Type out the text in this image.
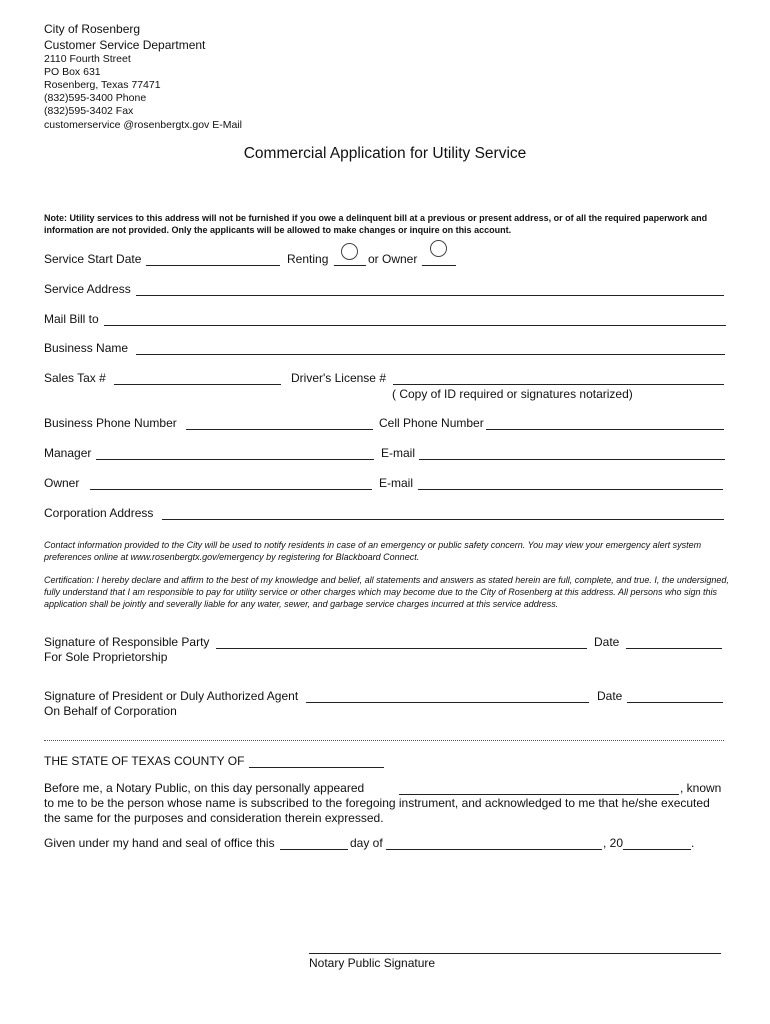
City of Rosenberg
Customer Service Department
2110 Fourth Street
PO Box 631
Rosenberg, Texas 77471
(832)595-3400 Phone
(832)595-3402 Fax
customerservice @rosenbergtx.gov E-Mail
Commercial Application for Utility Service
Note: Utility services to this address will not be furnished if you owe a delinquent bill at a previous or present address, or of all the required paperwork and information are not provided. Only the applicants will be allowed to make changes or inquire on this account.
Service Start Date	Renting	or Owner
Service Address
Mail Bill to
Business Name
Sales Tax #	Driver's License #
( Copy of ID required or signatures notarized)
Business Phone Number	Cell Phone Number
Manager	E-mail
Owner	E-mail
Corporation Address
Contact information provided to the City will be used to notify residents in case of an emergency or public safety concern. You may view your emergency alert system preferences online at www.rosenbergtx.gov/emergency by registering for Blackboard Connect.
Certification: I hereby declare and affirm to the best of my knowledge and belief, all statements and answers as stated herein are full, complete, and true. I, the undersigned, fully understand that I am responsible to pay for utility service or other charges which may become due to the City of Rosenberg at this address. All persons who sign this application shall be jointly and severally liable for any water, sewer, and garbage service charges incurred at this service address.
Signature of Responsible Party	Date
For Sole Proprietorship
Signature of President or Duly Authorized Agent	Date
On Behalf of Corporation
THE STATE OF TEXAS COUNTY OF
Before me, a Notary Public, on this day personally appeared	, known
to me to be the person whose name is subscribed to the foregoing instrument, and acknowledged to me that he/she executed
the same for the purposes and consideration therein expressed.
Given under my hand and seal of office this	day of	, 20	.
Notary Public Signature
